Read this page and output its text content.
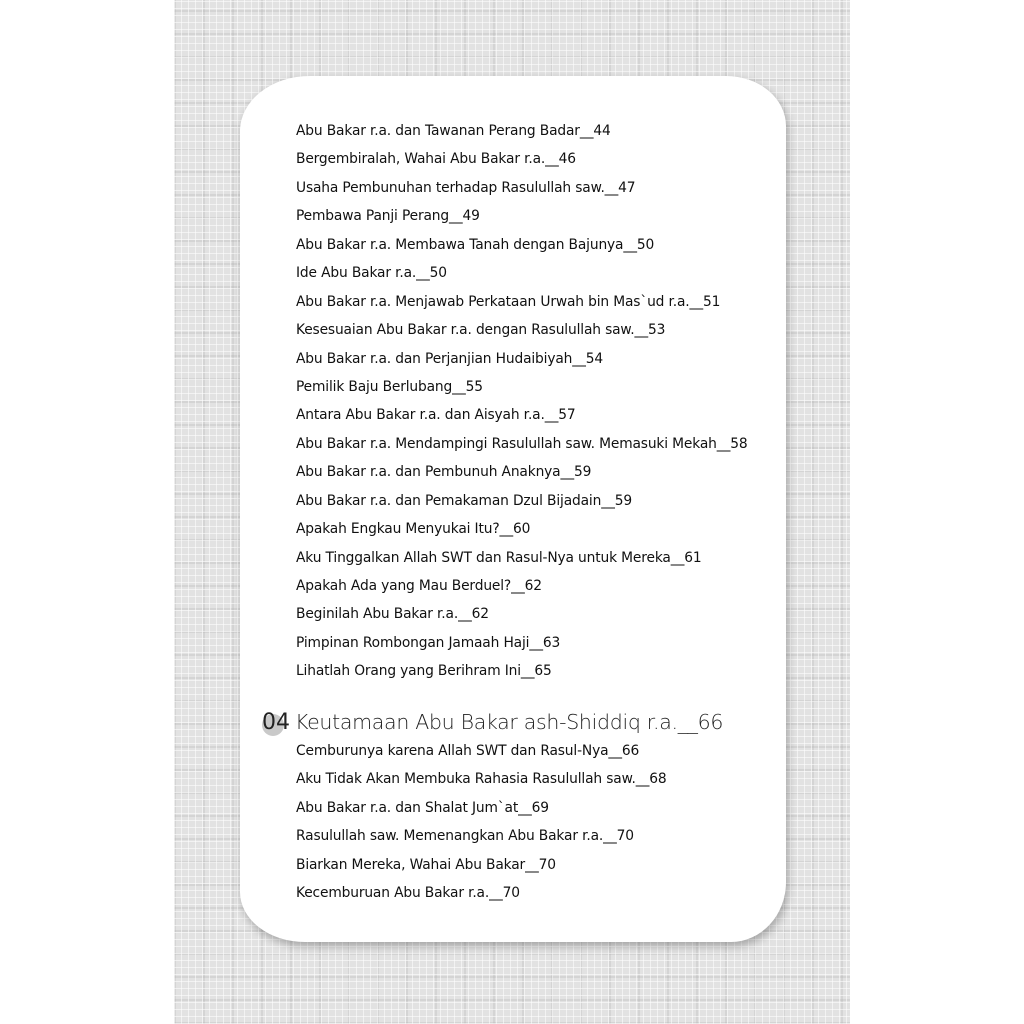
Abu Bakar r.a. dan Tawanan Perang Badar__44
Bergembiralah, Wahai Abu Bakar r.a.__46
Usaha Pembunuhan terhadap Rasulullah saw.__47
Pembawa Panji Perang__49
Abu Bakar r.a. Membawa Tanah dengan Bajunya__50
Ide Abu Bakar r.a.__50
Abu Bakar r.a. Menjawab Perkataan Urwah bin Mas`ud r.a.__51
Kesesuaian Abu Bakar r.a. dengan Rasulullah saw.__53
Abu Bakar r.a. dan Perjanjian Hudaibiyah__54
Pemilik Baju Berlubang__55
Antara Abu Bakar r.a. dan Aisyah r.a.__57
Abu Bakar r.a. Mendampingi Rasulullah saw. Memasuki Mekah__58
Abu Bakar r.a. dan Pembunuh Anaknya__59
Abu Bakar r.a. dan Pemakaman Dzul Bijadain__59
Apakah Engkau Menyukai Itu?__60
Aku Tinggalkan Allah SWT dan Rasul-Nya untuk Mereka__61
Apakah Ada yang Mau Berduel?__62
Beginilah Abu Bakar r.a.__62
Pimpinan Rombongan Jamaah Haji__63
Lihatlah Orang yang Berihram Ini__65
04 Keutamaan Abu Bakar ash-Shiddiq r.a.__66
Cemburunya karena Allah SWT dan Rasul-Nya__66
Aku Tidak Akan Membuka Rahasia Rasulullah saw.__68
Abu Bakar r.a. dan Shalat Jum`at__69
Rasulullah saw. Memenangkan Abu Bakar r.a.__70
Biarkan Mereka, Wahai Abu Bakar__70
Kecemburuan Abu Bakar r.a.__70
